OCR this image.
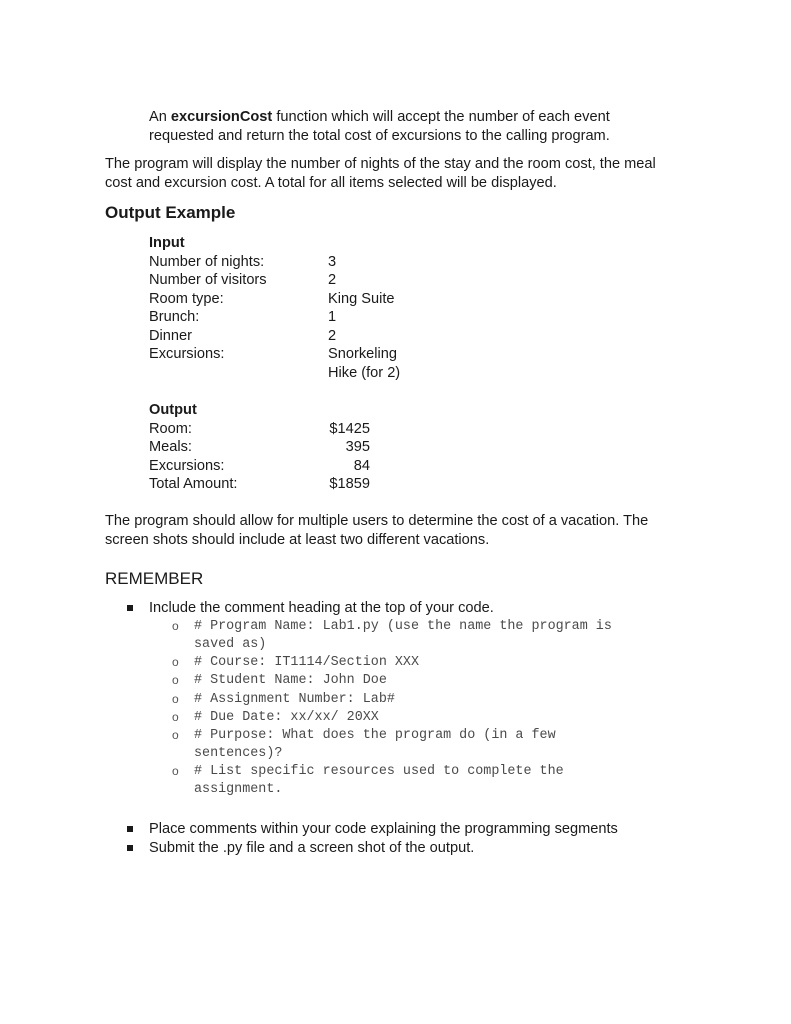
An excursionCost function which will accept the number of each event
requested and return the total cost of excursions to the calling program.
The program will display the number of nights of the stay and the room cost, the meal
cost and excursion cost. A total for all items selected will be displayed.
Output Example
Input
Number of nights:	3
Number of visitors	2
Room type:	King Suite
Brunch:	1
Dinner	2
Excursions:	Snorkeling
Hike (for 2)
Output
Room:	$1425
Meals:	395
Excursions:	84
Total Amount:	$1859
The program should allow for multiple users to determine the cost of a vacation. The
screen shots should include at least two different vacations.
REMEMBER
Include the comment heading at the top of your code.
o # Program Name: Lab1.py (use the name the program is
saved as)
o # Course: IT1114/Section XXX
o # Student Name: John Doe
o # Assignment Number: Lab#
o # Due Date: xx/xx/ 20XX
o # Purpose: What does the program do (in a few
sentences)?
o # List specific resources used to complete the
assignment.
Place comments within your code explaining the programming segments
Submit the .py file and a screen shot of the output.
